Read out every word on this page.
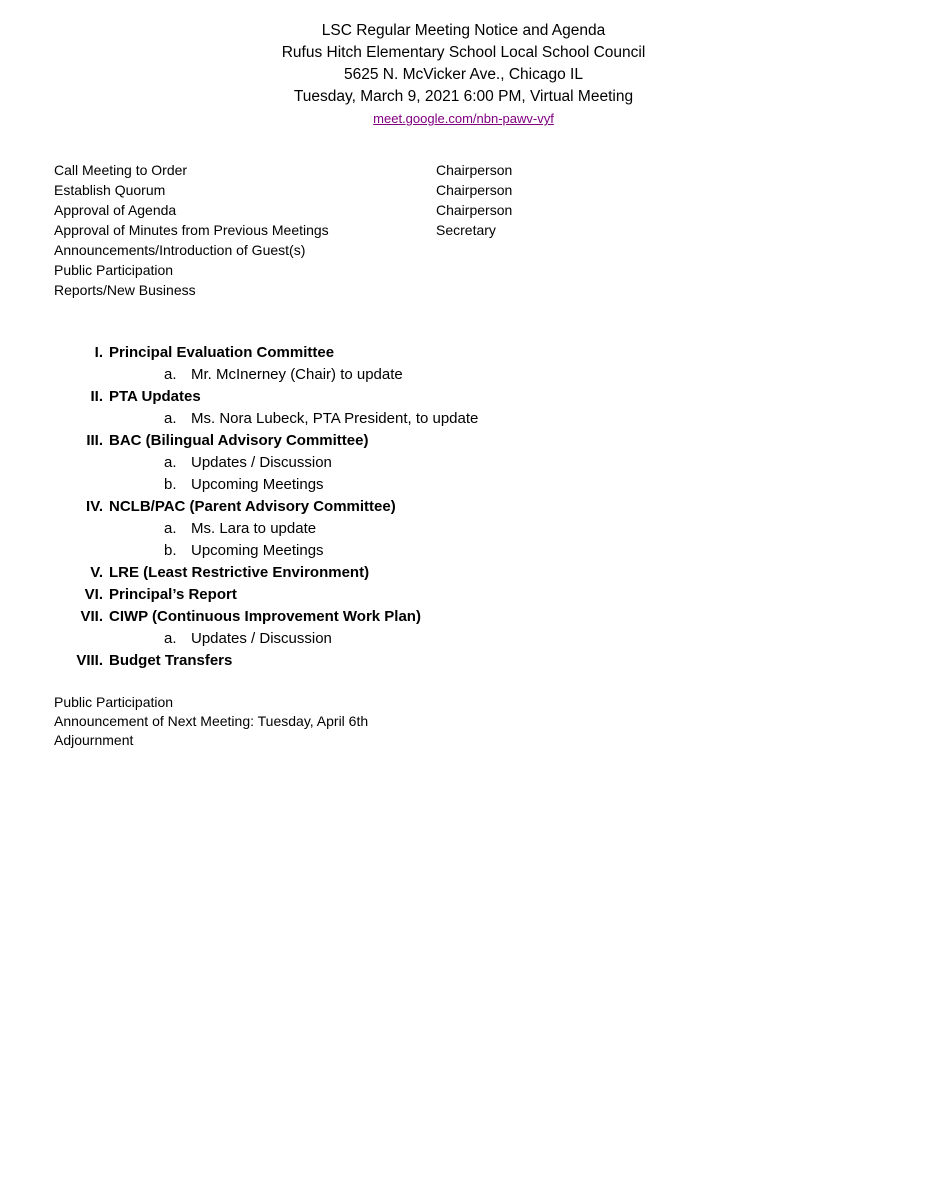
LSC Regular Meeting Notice and Agenda
Rufus Hitch Elementary School Local School Council
5625 N. McVicker Ave., Chicago IL
Tuesday, March 9, 2021 6:00 PM, Virtual Meeting
meet.google.com/nbn-pawv-vyf
Call Meeting to Order	Chairperson
Establish Quorum	Chairperson
Approval of Agenda	Chairperson
Approval of Minutes from Previous Meetings	Secretary
Announcements/Introduction of Guest(s)
Public Participation
Reports/New Business
I. Principal Evaluation Committee
a. Mr. McInerney (Chair) to update
II. PTA Updates
a. Ms. Nora Lubeck, PTA President, to update
III. BAC (Bilingual Advisory Committee)
a. Updates / Discussion
b. Upcoming Meetings
IV. NCLB/PAC (Parent Advisory Committee)
a. Ms. Lara to update
b. Upcoming Meetings
V. LRE (Least Restrictive Environment)
VI. Principal’s Report
VII. CIWP (Continuous Improvement Work Plan)
a. Updates / Discussion
VIII. Budget Transfers
Public Participation
Announcement of Next Meeting: Tuesday, April 6th
Adjournment
